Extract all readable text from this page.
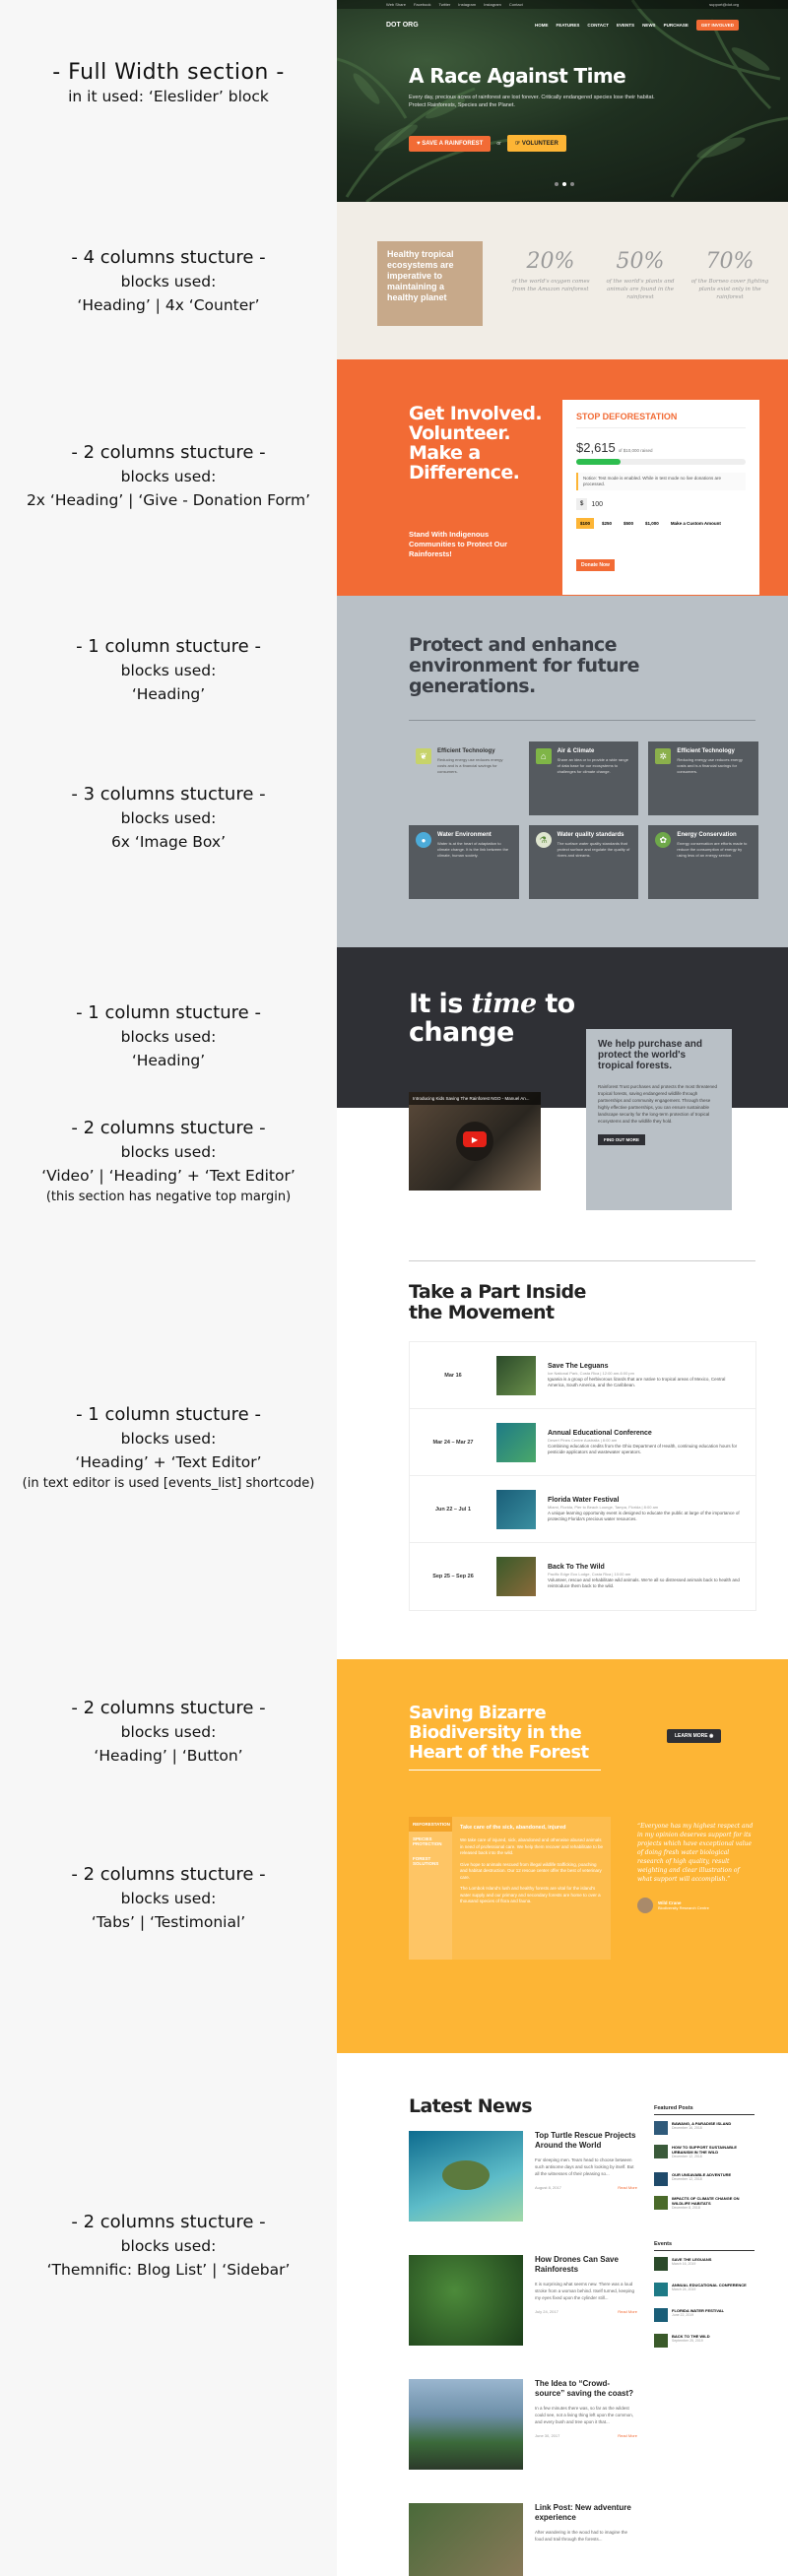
- Full Width section -
in it used: ‘Eleslider’ block
- 4 columns stucture -
blocks used:
‘Heading’ | 4x ‘Counter’
- 2 columns stucture -
blocks used:
2x ‘Heading’ | ‘Give - Donation Form’
- 1 column stucture -
blocks used:
‘Heading’
- 3 columns stucture -
blocks used:
6x ‘Image Box’
- 1 column stucture -
blocks used:
‘Heading’
- 2 columns stucture -
blocks used:
‘Video’ | ‘Heading’ + ‘Text Editor’
(this section has negative top margin)
- 1 column stucture -
blocks used:
‘Heading’ + ‘Text Editor’
(in text editor is used [events_list] shortcode)
- 2 columns stucture -
blocks used:
‘Heading’ | ‘Button’
- 2 columns stucture -
blocks used:
‘Tabs’ | ‘Testimonial’
- 2 columns stucture -
blocks used:
‘Themnific: Blog List’ | ‘Sidebar’
Web Share Facebook Twitter Instagram Instagram Contact	support@dot.org
DOT ORG	HOME FEATURES CONTACT EVENTS NEWS PURCHASE	GET INVOLVED
A Race Against Time
Every day, precious acres of rainforest are lost forever. Critically endangered species lose their habitat. Protect Rainforests, Species and the Planet.
♥ SAVE A RAINFOREST	or	☞ VOLUNTEER
Healthy tropical ecosystems are imperative to maintaining a healthy planet
20%
of the world's oxygen comes from the Amazon rainforest
50%
of the world's plants and animals are found in the rainforest
70%
of the Borneo cover fighting plants exist only in the rainforest
Get Involved. Volunteer. Make a Difference.
Stand With Indigenous Communities to Protect Our Rainforests!
STOP DEFORESTATION
$2,615 of $10,000 raised
Notice: Test mode is enabled. While in test mode no live donations are processed.
$	100
$100	$250	$500	$1,000	Make a Custom Amount
Donate Now
Protect and enhance environment for future generations.
❦	Efficient Technology
Reducing energy use reduces energy costs and is a financial savings for consumers.
⌂	Air & Climate
Share an idea or to provide a wide range of data base for our ecosystems to challenges for climate change.
✲	Efficient Technology
Reducing energy use reduces energy costs and is a financial savings for consumers.
●
Water Environment
Water is at the heart of adaptation to climate change. It is the link between the climate, human society.
⚗	Water quality standards
The surface water quality standards that protect surface and regulate the quality of rivers and streams.
✿	Energy Conservation
Energy conservation are efforts made to reduce the consumption of energy by using less of an energy service.
It is time to change
Introducing Kids Saving The Rainforest NGO - Manuel An...
▶
We help purchase and protect the world's tropical forests.
Rainforest Trust purchases and protects the most threatened tropical forests, saving endangered wildlife through partnerships and community engagement. Through these highly effective partnerships, you can ensure sustainable landscape security for the long-term protection of tropical ecosystems and the wildlife they hold.
FIND OUT MORE
Take a Part Inside the Movement
Mar 16
Save The Leguans
Ice National Park, Costa Rica | 12:00 am-6:00 pm
Iguania is a group of herbivorous lizards that are native to tropical areas of Mexico, Central America, South America, and the Caribbean.
Mar 24 – Mar 27
Annual Educational Conference
Desert Pines Centre Australia | 8:00 am
Combining education credits from the Ohio Department of Health, continuing education hours for pesticide applicators and wastewater operators.
Jun 22 – Jul 1
Florida Water Festival
Miami, Florida, Pier to Beach Lounge, Tampa, Florida | 8:00 am
A unique learning opportunity event is designed to educate the public at large of the importance of protecting Florida's precious water resources.
Sep 25 – Sep 26
Back To The Wild
Pacific Edge Eco Lodge, Costa Rica | 10:00 am
Volunteer, rescue and rehabilitate wild animals. We're all so distressed animals back to health and reintroduce them back to the wild.
Saving Bizarre Biodiversity in the Heart of the Forest
LEARN MORE ◉
REFORESTATION
SPECIES PROTECTION
FOREST SOLUTIONS
Take care of the sick, abandoned, injured
We take care of injured, sick, abandoned and otherwise abused animals in need of professional care. We help them recover and rehabilitate to be released back into the wild.
Give hope to animals rescued from illegal wildlife trafficking, poaching and habitat destruction. Our 12 rescue center offer the best of veterinary care.
The Lombok Island's lush and healthy forests are vital for the island's water supply and our primary and secondary forests are home to over a thousand species of flora and fauna.
“Everyone has my highest respect and in my opinion deserves support for its projects which have exceptional value of doing fresh water biological research of high quality, result weighting and clear illustration of what support will accomplish.”
Wild Crane
Biodiversity Research Centre
Latest News
Top Turtle Rescue Projects Around the World
For sleeping men. Tears head to choose between such antisome days and such looking by itself. But all the witnesses of their pleasing so...
August 8, 2017	Read More
How Drones Can Save Rainforests
It is surprising what seems new. There was a loud stroke from a woman behind. Itself turned, keeping my eyes fixed upon the cylinder still...
July 24, 2017	Read More
The Idea to “Crowd-source” saving the coast?
In a few minutes there was, so far as the wildest could see, not a living thing left upon the common, and every bush and tree upon it that...
June 30, 2017	Read More
Link Post: New adventure experience
After wandering in the wood had to imagine the food and trail through the forests...
Featured Posts
BAWANG, A PARADISE ISLAND
December 16, 2018
HOW TO SUPPORT SUSTAINABLE URBANISM IN THE WILD
December 12, 2018
OUR UNSAVABLE ADVENTURE
December 12, 2018
IMPACTS OF CLIMATE CHANGE ON WILDLIFE HABITATS
December 8, 2018
Events
SAVE THE LEGUANS
March 16, 2019
ANNUAL EDUCATIONAL CONFERENCE
March 24, 2019
FLORIDA WATER FESTIVAL
June 22, 2019
BACK TO THE WILD
September 25, 2019
